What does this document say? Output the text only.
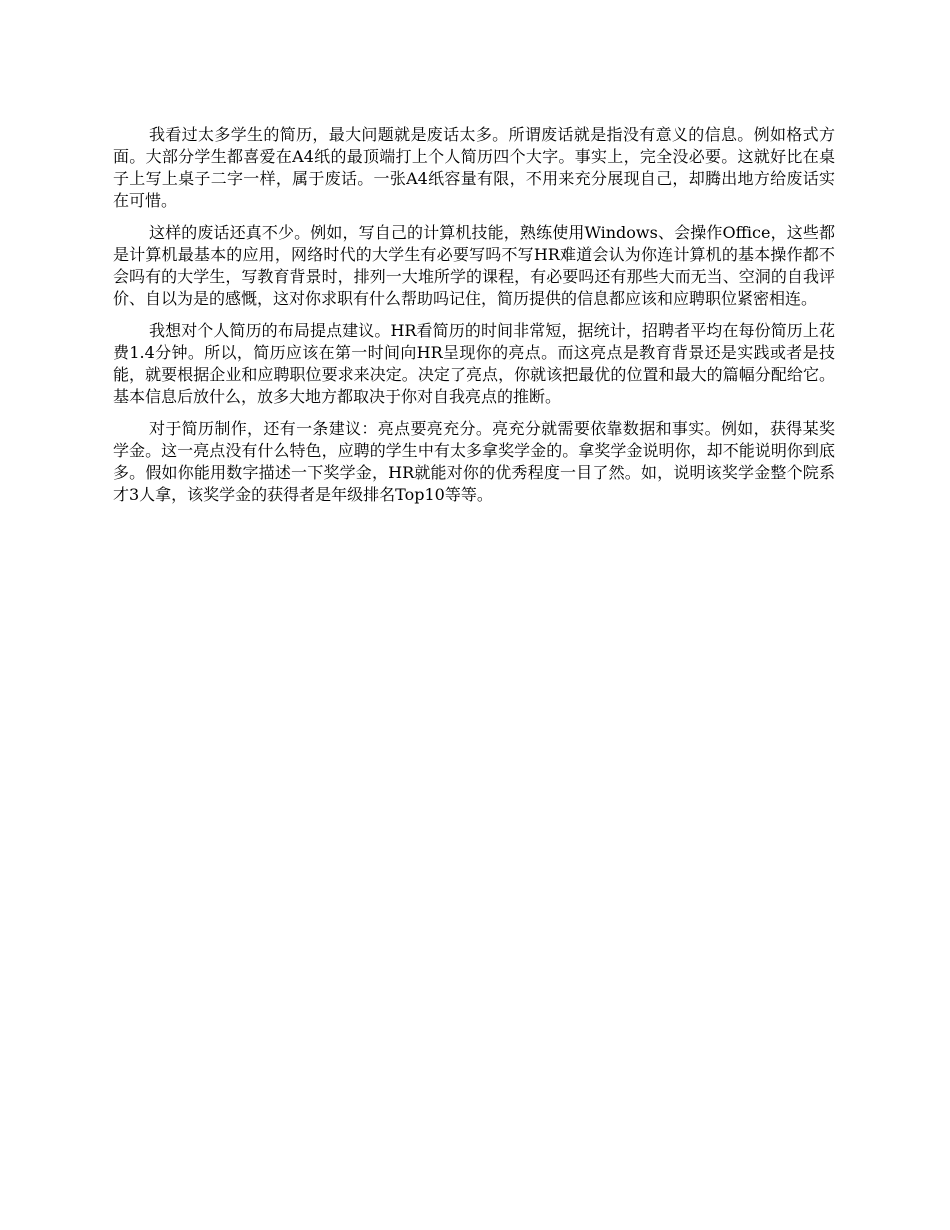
我看过太多学生的简历，最大问题就是废话太多。所谓废话就是指没有意义的信息。例如格式方面。大部分学生都喜爱在A4纸的最顶端打上个人简历四个大字。事实上，完全没必要。这就好比在桌子上写上桌子二字一样，属于废话。一张A4纸容量有限，不用来充分展现自己，却腾出地方给废话实在可惜。

这样的废话还真不少。例如，写自己的计算机技能，熟练使用Windows、会操作Office，这些都是计算机最基本的应用，网络时代的大学生有必要写吗不写HR难道会认为你连计算机的基本操作都不会吗有的大学生，写教育背景时，排列一大堆所学的课程，有必要吗还有那些大而无当、空洞的自我评价、自以为是的感慨，这对你求职有什么帮助吗记住，简历提供的信息都应该和应聘职位紧密相连。

我想对个人简历的布局提点建议。HR看简历的时间非常短，据统计，招聘者平均在每份简历上花费1.4分钟。所以，简历应该在第一时间向HR呈现你的亮点。而这亮点是教育背景还是实践或者是技能，就要根据企业和应聘职位要求来决定。决定了亮点，你就该把最优的位置和最大的篇幅分配给它。基本信息后放什么，放多大地方都取决于你对自我亮点的推断。

对于简历制作，还有一条建议：亮点要亮充分。亮充分就需要依靠数据和事实。例如，获得某奖学金。这一亮点没有什么特色，应聘的学生中有太多拿奖学金的。拿奖学金说明你，却不能说明你到底多。假如你能用数字描述一下奖学金，HR就能对你的优秀程度一目了然。如，说明该奖学金整个院系才3人拿，该奖学金的获得者是年级排名Top10等等。
